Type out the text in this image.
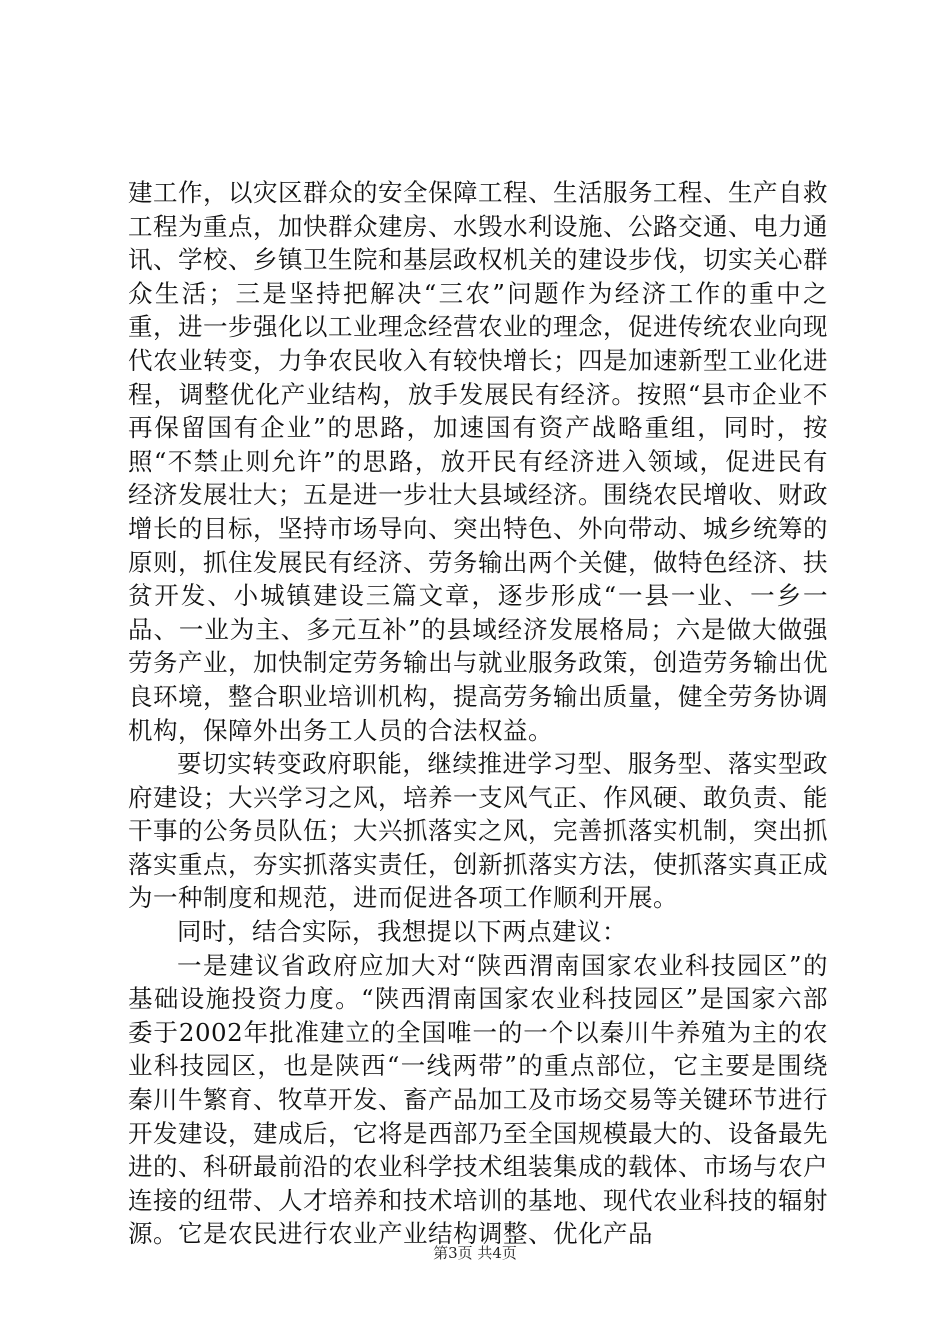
建工作，以灾区群众的安全保障工程、生活服务工程、生产自救工程为重点，加快群众建房、水毁水利设施、公路交通、电力通讯、学校、乡镇卫生院和基层政权机关的建设步伐，切实关心群众生活；三是坚持把解决“三农”问题作为经济工作的重中之重，进一步强化以工业理念经营农业的理念，促进传统农业向现代农业转变，力争农民收入有较快增长；四是加速新型工业化进程，调整优化产业结构，放手发展民有经济。按照“县市企业不再保留国有企业”的思路，加速国有资产战略重组，同时，按照“不禁止则允许”的思路，放开民有经济进入领域，促进民有经济发展壮大；五是进一步壮大县域经济。围绕农民增收、财政增长的目标，坚持市场导向、突出特色、外向带动、城乡统筹的原则，抓住发展民有经济、劳务输出两个关健，做特色经济、扶贫开发、小城镇建设三篇文章，逐步形成“一县一业、一乡一品、一业为主、多元互补”的县域经济发展格局；六是做大做强劳务产业，加快制定劳务输出与就业服务政策，创造劳务输出优良环境，整合职业培训机构，提高劳务输出质量，健全劳务协调机构，保障外出务工人员的合法权益。

要切实转变政府职能，继续推进学习型、服务型、落实型政府建设；大兴学习之风，培养一支风气正、作风硬、敢负责、能干事的公务员队伍；大兴抓落实之风，完善抓落实机制，突出抓落实重点，夯实抓落实责任，创新抓落实方法，使抓落实真正成为一种制度和规范，进而促进各项工作顺利开展。

同时，结合实际，我想提以下两点建议：

一是建议省政府应加大对“陕西渭南国家农业科技园区”的基础设施投资力度。“陕西渭南国家农业科技园区”是国家六部委于2002年批准建立的全国唯一的一个以秦川牛养殖为主的农业科技园区，也是陕西“一线两带”的重点部位，它主要是围绕秦川牛繁育、牧草开发、畜产品加工及市场交易等关键环节进行开发建设，建成后，它将是西部乃至全国规模最大的、设备最先进的、科研最前沿的农业科学技术组装集成的载体、市场与农户连接的纽带、人才培养和技术培训的基地、现代农业科技的辐射源。它是农民进行农业产业结构调整、优化产品

第3页 共4页
